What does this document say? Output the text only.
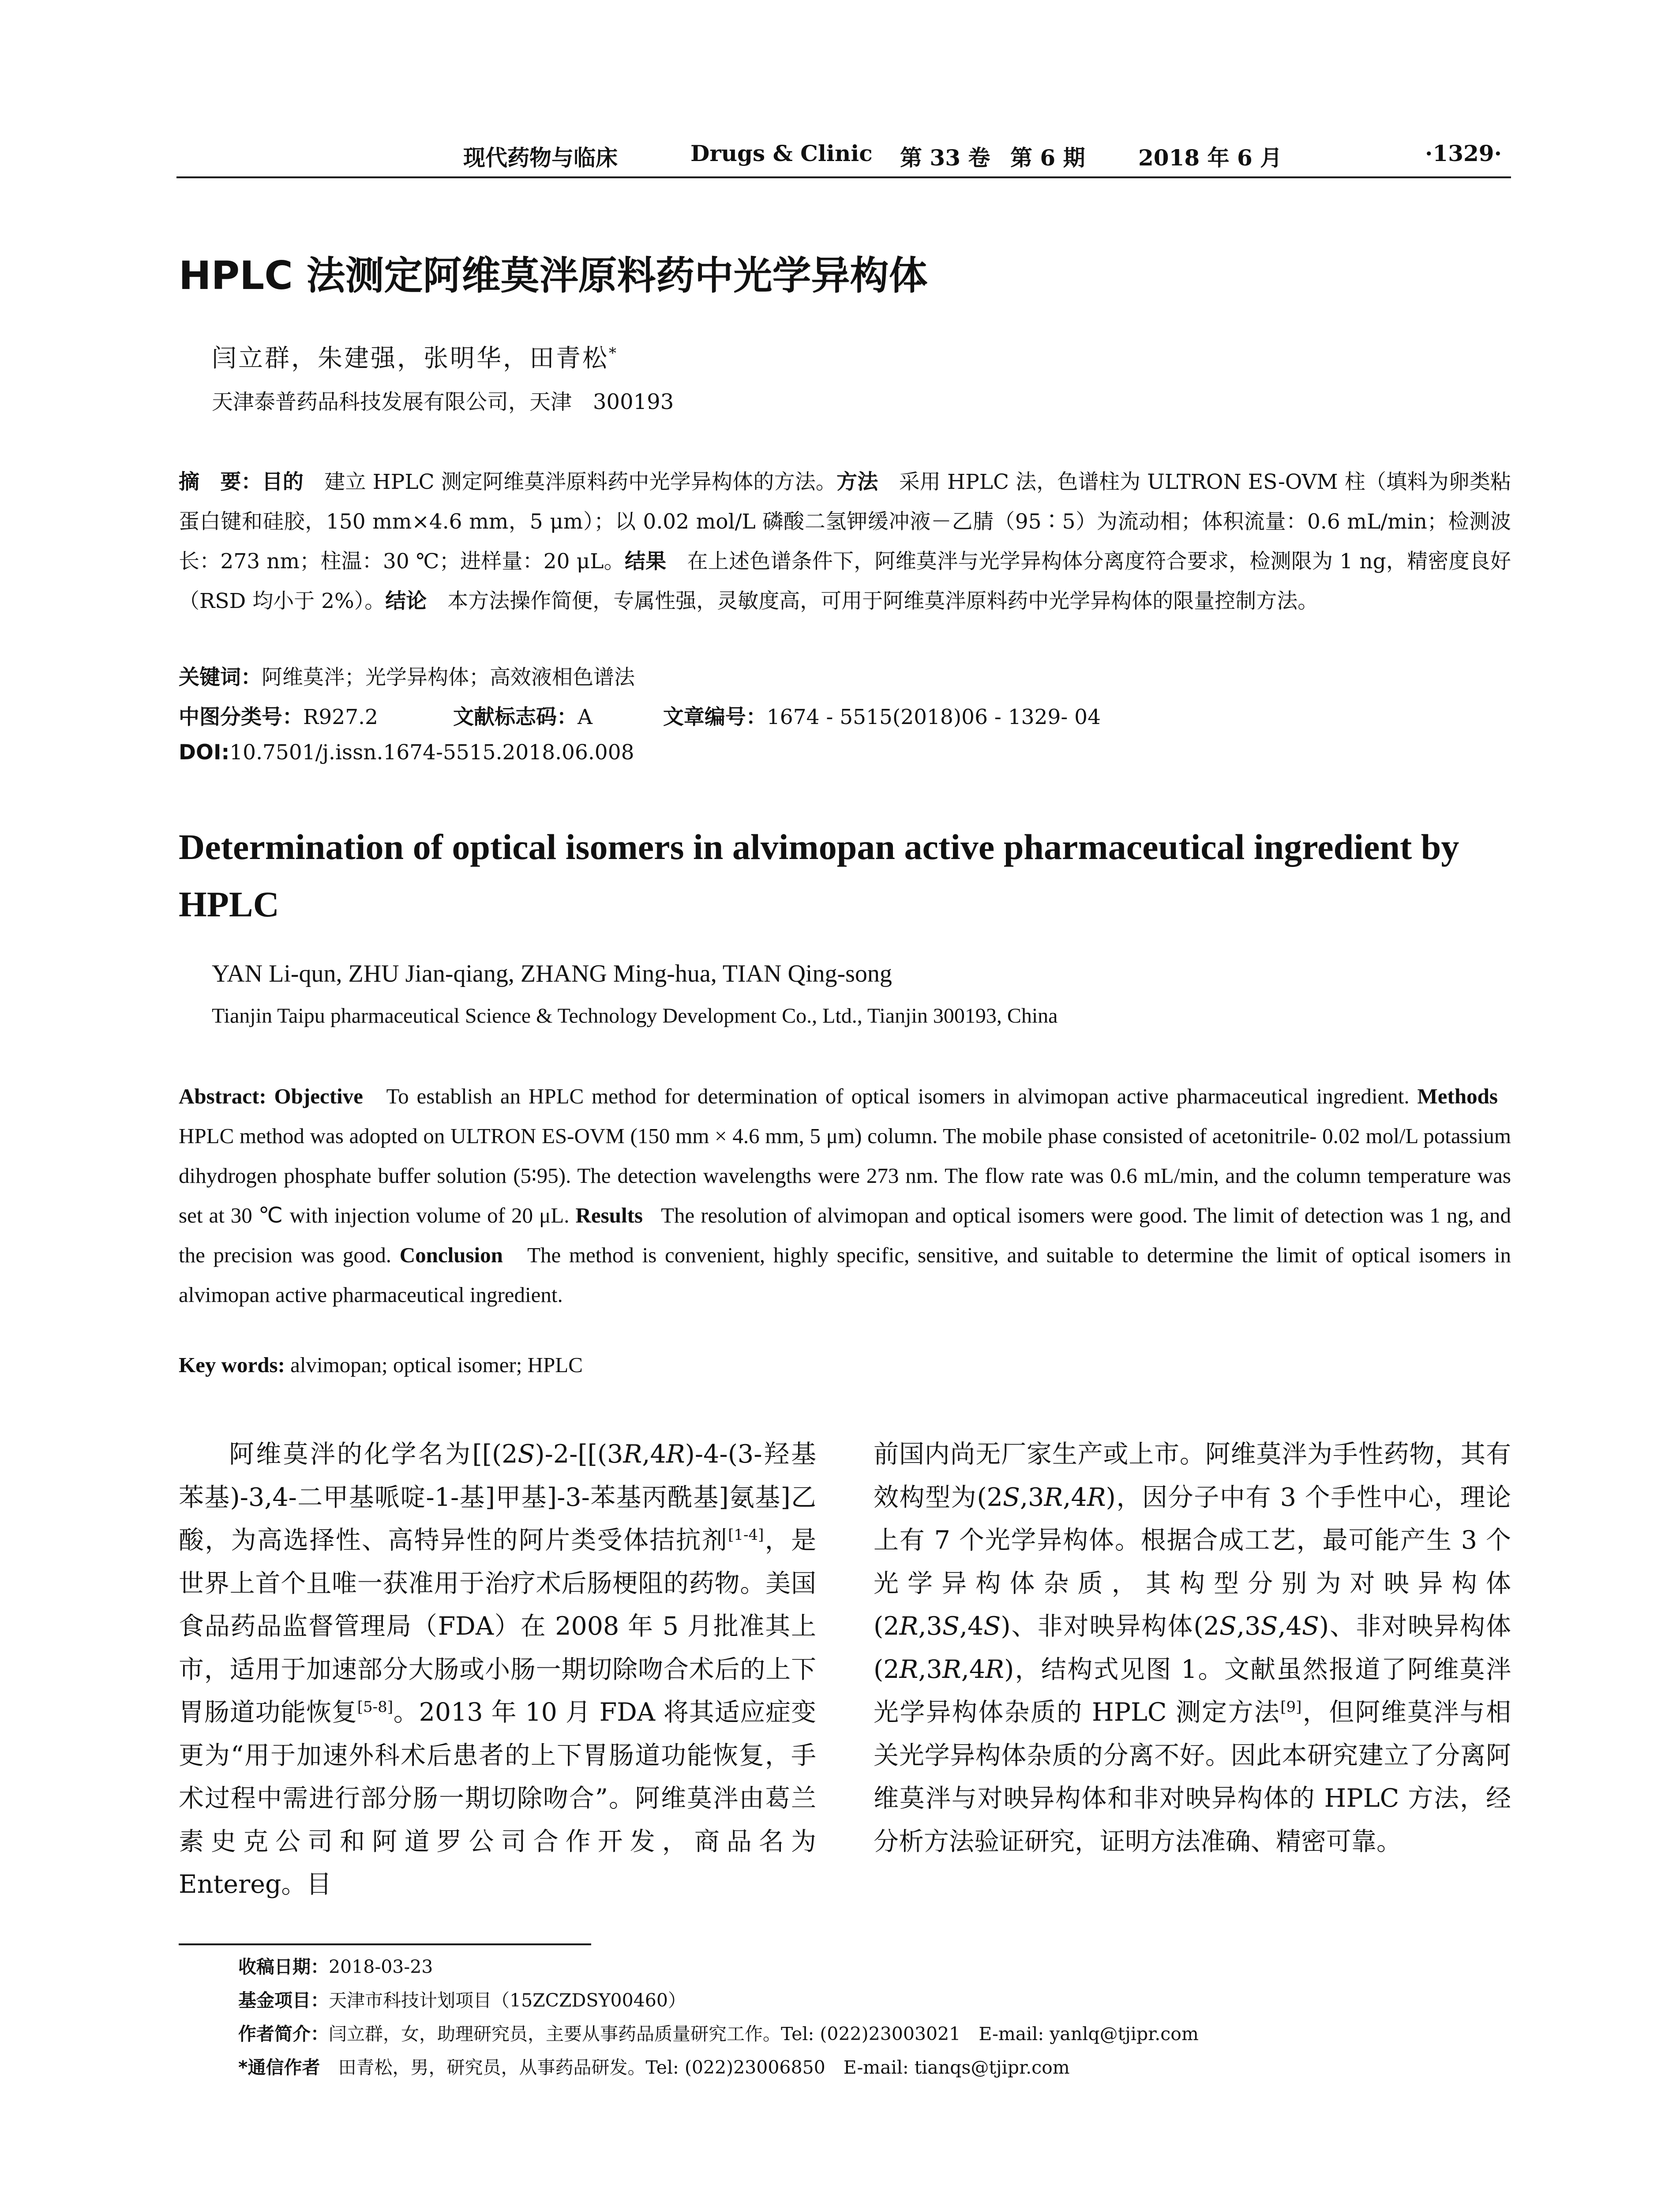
现代药物与临床	Drugs & Clinic 第 33 卷 第 6 期 2018 年 6 月	·1329·
HPLC 法测定阿维莫泮原料药中光学异构体
闫立群，朱建强，张明华，田青松*
天津泰普药品科技发展有限公司，天津　300193
摘　要：目的　 建立 HPLC 测定阿维莫泮原料药中光学异构体的方法。方法　 采用 HPLC 法，色谱柱为 ULTRON ES-OVM 柱（填料为卵类粘蛋白键和硅胶，150 mm×4.6 mm，5 μm）；以 0.02 mol/L 磷酸二氢钾缓冲液－乙腈（95∶5）为流动相；体积流量：0.6 mL/min；检测波长：273 nm；柱温：30 ℃；进样量：20 μL。结果　 在上述色谱条件下，阿维莫泮与光学异构体分离度符合要求，检测限为 1 ng，精密度良好（RSD 均小于 2%）。结论　 本方法操作简便，专属性强，灵敏度高，可用于阿维莫泮原料药中光学异构体的限量控制方法。
关键词：阿维莫泮；光学异构体；高效液相色谱法
中图分类号：R927.2	文献标志码：A	文章编号：1674 - 5515(2018)06 - 1329- 04
DOI:10.7501/j.issn.1674-5515.2018.06.008
Determination of optical isomers in alvimopan active pharmaceutical ingredient by HPLC
YAN Li-qun, ZHU Jian-qiang, ZHANG Ming-hua, TIAN Qing-song
Tianjin Taipu pharmaceutical Science & Technology Development Co., Ltd., Tianjin 300193, China
Abstract: Objective To establish an HPLC method for determination of optical isomers in alvimopan active pharmaceutical ingredient. Methods   HPLC method was adopted on ULTRON ES-OVM (150 mm × 4.6 mm, 5 μm) column. The mobile phase consisted of acetonitrile- 0.02 mol/L potassium dihydrogen phosphate buffer solution (5∶95). The detection wavelengths were 273 nm. The flow rate was 0.6 mL/min, and the column temperature was set at 30 ℃ with injection volume of 20 μL. Results The resolution of alvimopan and optical isomers were good. The limit of detection was 1 ng, and the precision was good. Conclusion The method is convenient, highly specific, sensitive, and suitable to determine the limit of optical isomers in alvimopan active pharmaceutical ingredient.
Key words: alvimopan; optical isomer; HPLC
阿维莫泮的化学名为[[(2S)-2-[[(3R,4R)-4-(3-羟基苯基)-3,4-二甲基哌啶-1-基]甲基]-3-苯基丙酰基]氨基]乙酸，为高选择性、高特异性的阿片类受体拮抗剂[1-4]，是世界上首个且唯一获准用于治疗术后肠梗阻的药物。美国食品药品监督管理局（FDA）在 2008 年 5 月批准其上市，适用于加速部分大肠或小肠一期切除吻合术后的上下胃肠道功能恢复[5-8]。2013 年 10 月 FDA 将其适应症变更为“用于加速外科术后患者的上下胃肠道功能恢复，手术过程中需进行部分肠一期切除吻合”。阿维莫泮由葛兰素史克公司和阿道罗公司合作开发，商品名为 Entereg。目
前国内尚无厂家生产或上市。阿维莫泮为手性药物，其有效构型为(2S,3R,4R)，因分子中有 3 个手性中心，理论上有 7 个光学异构体。根据合成工艺，最可能产生 3 个光学异构体杂质，其构型分别为对映异构体(2R,3S,4S)、非对映异构体(2S,3S,4S)、非对映异构体(2R,3R,4R)，结构式见图 1。文献虽然报道了阿维莫泮光学异构体杂质的 HPLC 测定方法[9]，但阿维莫泮与相关光学异构体杂质的分离不好。因此本研究建立了分离阿维莫泮与对映异构体和非对映异构体的 HPLC 方法，经分析方法验证研究，证明方法准确、精密可靠。
收稿日期：2018-03-23
基金项目：天津市科技计划项目（15ZCZDSY00460）
作者简介：闫立群，女，助理研究员，主要从事药品质量研究工作。Tel: (022)23003021　E-mail: yanlq@tjipr.com
*通信作者　 田青松，男，研究员，从事药品研发。Tel: (022)23006850　E-mail: tianqs@tjipr.com
